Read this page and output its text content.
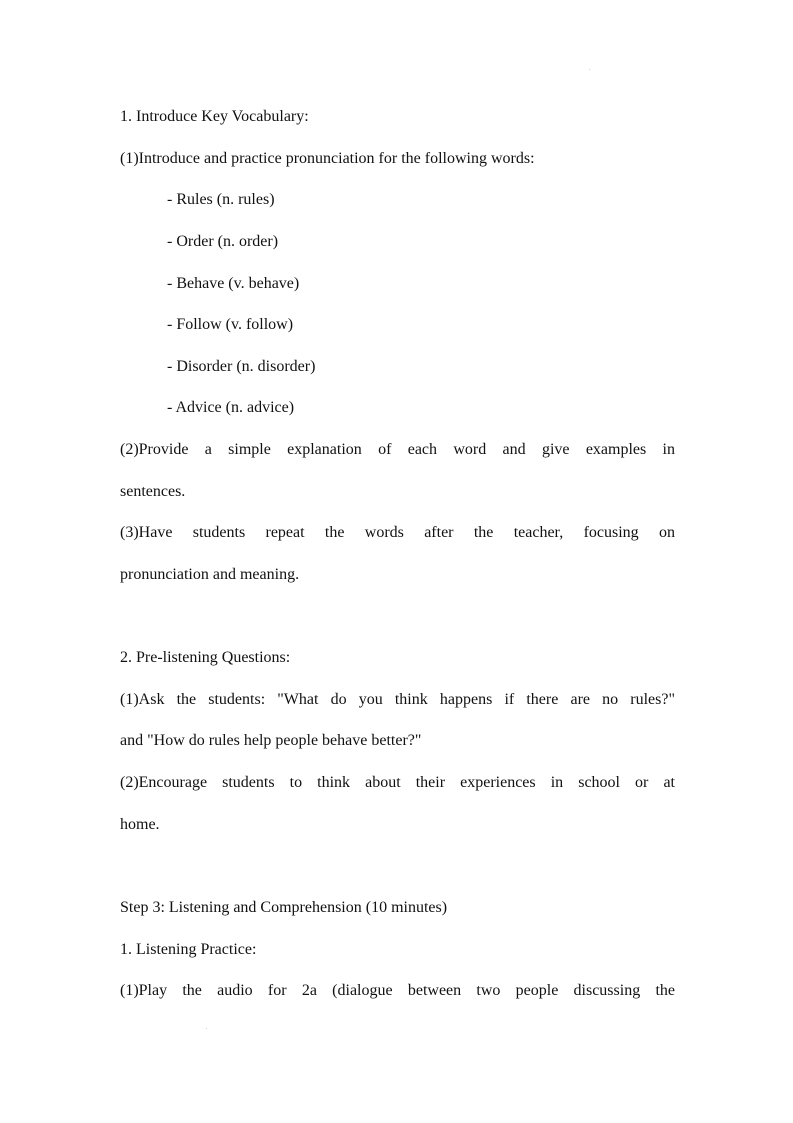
1. Introduce Key Vocabulary:
(1)Introduce and practice pronunciation for the following words:
- Rules (n. rules)
- Order (n. order)
- Behave (v. behave)
- Follow (v. follow)
- Disorder (n. disorder)
- Advice (n. advice)
(2)Provide a simple explanation of each word and give examples in
sentences.
(3)Have students repeat the words after the teacher, focusing on
pronunciation and meaning.
2. Pre-listening Questions:
(1)Ask the students: "What do you think happens if there are no rules?"
and "How do rules help people behave better?"
(2)Encourage students to think about their experiences in school or at
home.
Step 3: Listening and Comprehension (10 minutes)
1. Listening Practice:
(1)Play the audio for 2a (dialogue between two people discussing the
